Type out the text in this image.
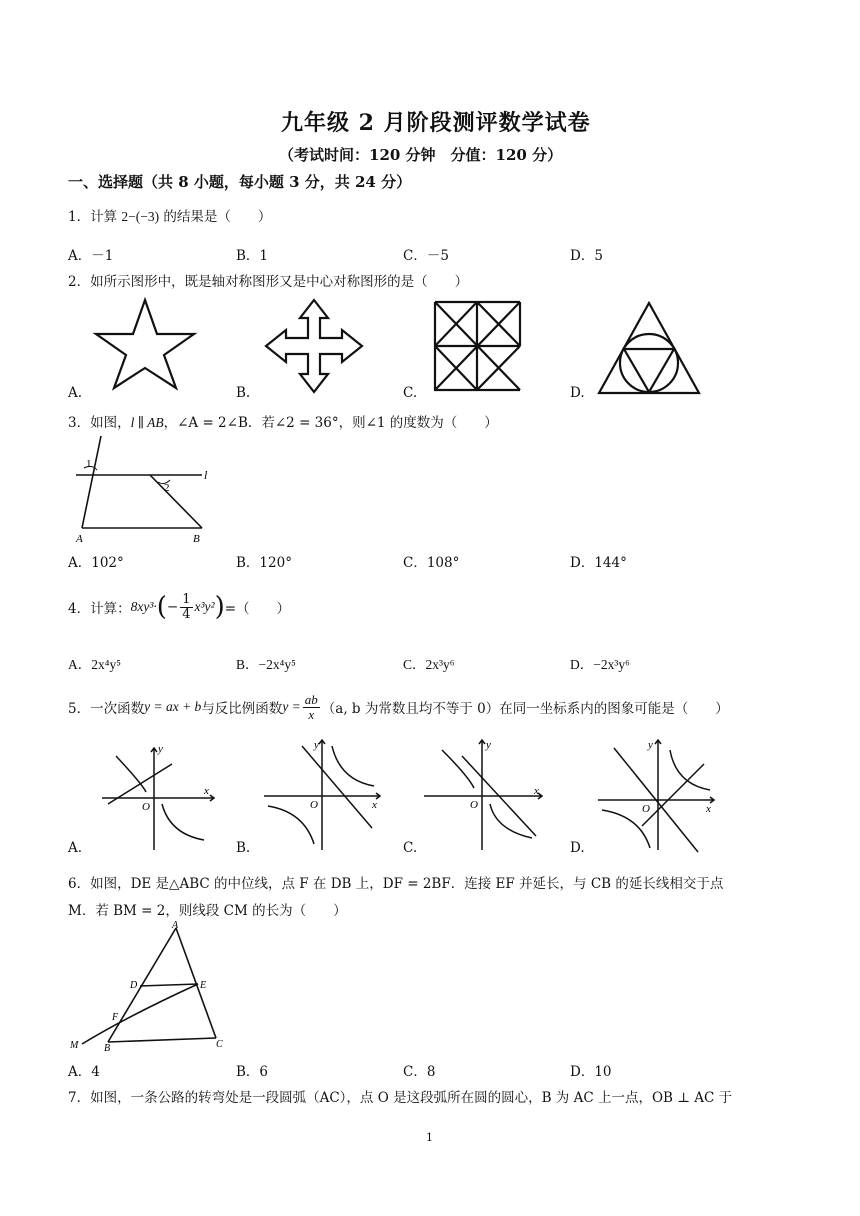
九年级 2 月阶段测评数学试卷
（考试时间：120 分钟　分值：120 分）
一、选择题（共 8 小题，每小题 3 分，共 24 分）
1．计算 2−(−3) 的结果是（　　）
A．－1	B．1	C．－5	D．5
2．如所示图形中，既是轴对称图形又是中心对称图形的是（　　）
A.	B.	C.	D.
3．如图，l ∥ AB，∠A = 2∠B．若∠2 = 36°，则∠1 的度数为（　　）
1
2
l
A	B
A．102°	B．120°	C．108°	D．144°
4．计算： 8xy³· ( − $\frac{1}{4} x^3y^2$ ) =（　　）
A．2x⁴y⁵	B．−2x⁴y⁵	C．2x³y⁶	D．−2x³y⁶
5．一次函数 y = ax + b 与反比例函数 $y = \frac{ab}{x} (a$, b 为常数且均不等于 0）在同一坐标系内的图象可能是（　　）
y
x
O
y
x
O
y
x
O
y
x
O
A.	B.	C.	D.
6．如图，DE 是△ABC 的中位线，点 F 在 DB 上，DF = 2BF．连接 EF 并延长，与 CB 的延长线相交于点
M．若 BM = 2，则线段 CM 的长为（　　）
A
D	E
F
M	B	C
A．4	B．6	C．8	D．10
7．如图，一条公路的转弯处是一段圆弧（AC），点 O 是这段弧所在圆的圆心，B 为 AC 上一点，OB ⊥ AC 于
1
